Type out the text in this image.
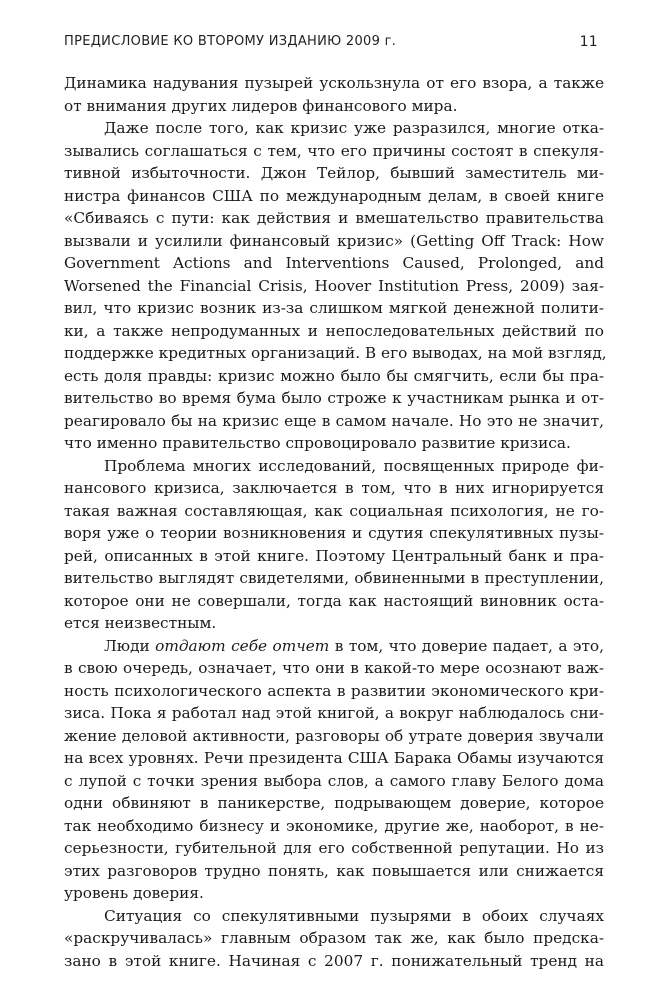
ПРЕДИСЛОВИЕ КО ВТОРОМУ ИЗДАНИЮ 2009 г.	11

Динамика надувания пузырей ускользнула от его взора, а также
от внимания других лидеров финансового мира.

Даже после того, как кризис уже разразился, многие отка-
зывались соглашаться с тем, что его причины состоят в спекуля-
тивной избыточности. Джон Тейлор, бывший заместитель ми-
нистра финансов США по международным делам, в своей книге
«Сбиваясь с пути: как действия и вмешательство правительства
вызвали и усилили финансовый кризис» (Getting Off Track: How
Government Actions and Interventions Caused, Prolonged, and
Worsened the Financial Crisis, Hoover Institution Press, 2009) зая-
вил, что кризис возник из-за слишком мягкой денежной полити-
ки, а также непродуманных и непоследовательных действий по
поддержке кредитных организаций. В его выводах, на мой взгляд,
есть доля правды: кризис можно было бы смягчить, если бы пра-
вительство во время бума было строже к участникам рынка и от-
реагировало бы на кризис еще в самом начале. Но это не значит,
что именно правительство спровоцировало развитие кризиса.

Проблема многих исследований, посвященных природе фи-
нансового кризиса, заключается в том, что в них игнорируется
такая важная составляющая, как социальная психология, не го-
воря уже о теории возникновения и сдутия спекулятивных пузы-
рей, описанных в этой книге. Поэтому Центральный банк и пра-
вительство выглядят свидетелями, обвиненными в преступлении,
которое они не совершали, тогда как настоящий виновник оста-
ется неизвестным.

Люди отдают себе отчет в том, что доверие падает, а это,
в свою очередь, означает, что они в какой-то мере осознают важ-
ность психологического аспекта в развитии экономического кри-
зиса. Пока я работал над этой книгой, а вокруг наблюдалось сни-
жение деловой активности, разговоры об утрате доверия звучали
на всех уровнях. Речи президента США Барака Обамы изучаются
с лупой с точки зрения выбора слов, а самого главу Белого дома
одни обвиняют в паникерстве, подрывающем доверие, которое
так необходимо бизнесу и экономике, другие же, наоборот, в не-
серьезности, губительной для его собственной репутации. Но из
этих разговоров трудно понять, как повышается или снижается
уровень доверия.

Ситуация со спекулятивными пузырями в обоих случаях
«раскручивалась» главным образом так же, как было предска-
зано в этой книге. Начиная с 2007 г. понижательный тренд на
